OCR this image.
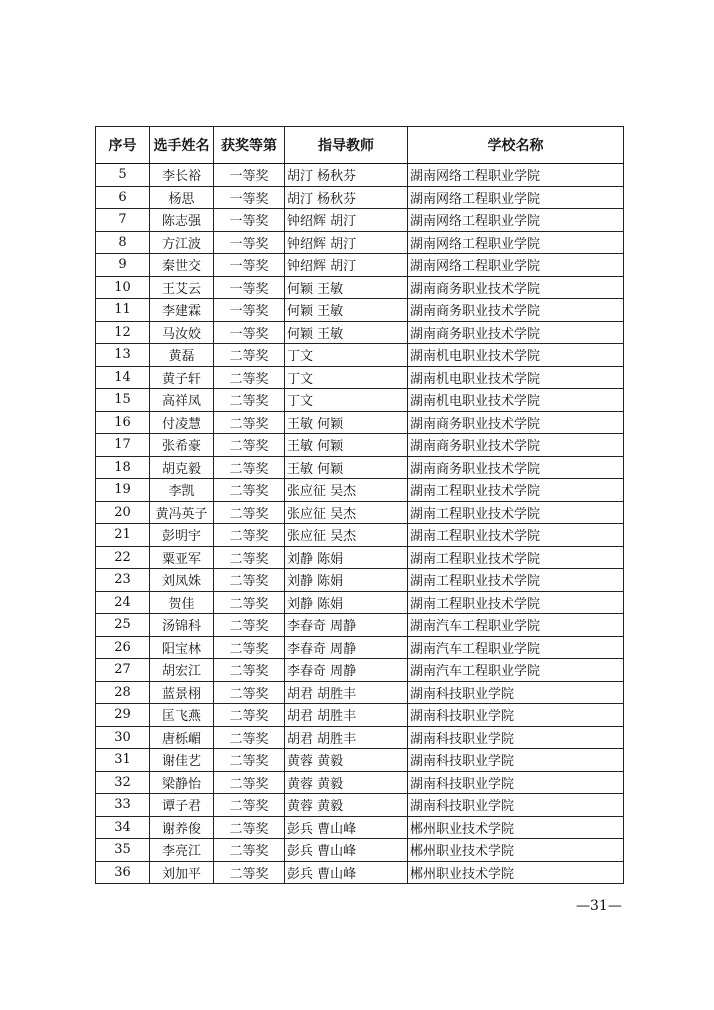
序号	选手姓名	获奖等第	指导教师	学校名称
5	李长裕	一等奖	胡汀 杨秋芬	湖南网络工程职业学院
6	杨思	一等奖	胡汀 杨秋芬	湖南网络工程职业学院
7	陈志强	一等奖	钟绍辉 胡汀	湖南网络工程职业学院
8	方江波	一等奖	钟绍辉 胡汀	湖南网络工程职业学院
9	秦世交	一等奖	钟绍辉 胡汀	湖南网络工程职业学院
10	王艾云	一等奖	何颖 王敏	湖南商务职业技术学院
11	李建霖	一等奖	何颖 王敏	湖南商务职业技术学院
12	马汝姣	一等奖	何颖 王敏	湖南商务职业技术学院
13	黄磊	二等奖	丁文	湖南机电职业技术学院
14	黄子轩	二等奖	丁文	湖南机电职业技术学院
15	高祥凤	二等奖	丁文	湖南机电职业技术学院
16	付凌慧	二等奖	王敏 何颖	湖南商务职业技术学院
17	张希豪	二等奖	王敏 何颖	湖南商务职业技术学院
18	胡克毅	二等奖	王敏 何颖	湖南商务职业技术学院
19	李凯	二等奖	张应征 吴杰	湖南工程职业技术学院
20	黄冯英子	二等奖	张应征 吴杰	湖南工程职业技术学院
21	彭明宇	二等奖	张应征 吴杰	湖南工程职业技术学院
22	粟亚军	二等奖	刘静 陈娟	湖南工程职业技术学院
23	刘凤姝	二等奖	刘静 陈娟	湖南工程职业技术学院
24	贺佳	二等奖	刘静 陈娟	湖南工程职业技术学院
25	汤锦科	二等奖	李春奇 周静	湖南汽车工程职业学院
26	阳宝林	二等奖	李春奇 周静	湖南汽车工程职业学院
27	胡宏江	二等奖	李春奇 周静	湖南汽车工程职业学院
28	蓝景栩	二等奖	胡君 胡胜丰	湖南科技职业学院
29	匡飞燕	二等奖	胡君 胡胜丰	湖南科技职业学院
30	唐栎嵋	二等奖	胡君 胡胜丰	湖南科技职业学院
31	谢佳艺	二等奖	黄蓉 黄毅	湖南科技职业学院
32	梁静怡	二等奖	黄蓉 黄毅	湖南科技职业学院
33	谭子君	二等奖	黄蓉 黄毅	湖南科技职业学院
34	谢养俊	二等奖	彭兵 曹山峰	郴州职业技术学院
35	李亮江	二等奖	彭兵 曹山峰	郴州职业技术学院
36	刘加平	二等奖	彭兵 曹山峰	郴州职业技术学院
—31—
